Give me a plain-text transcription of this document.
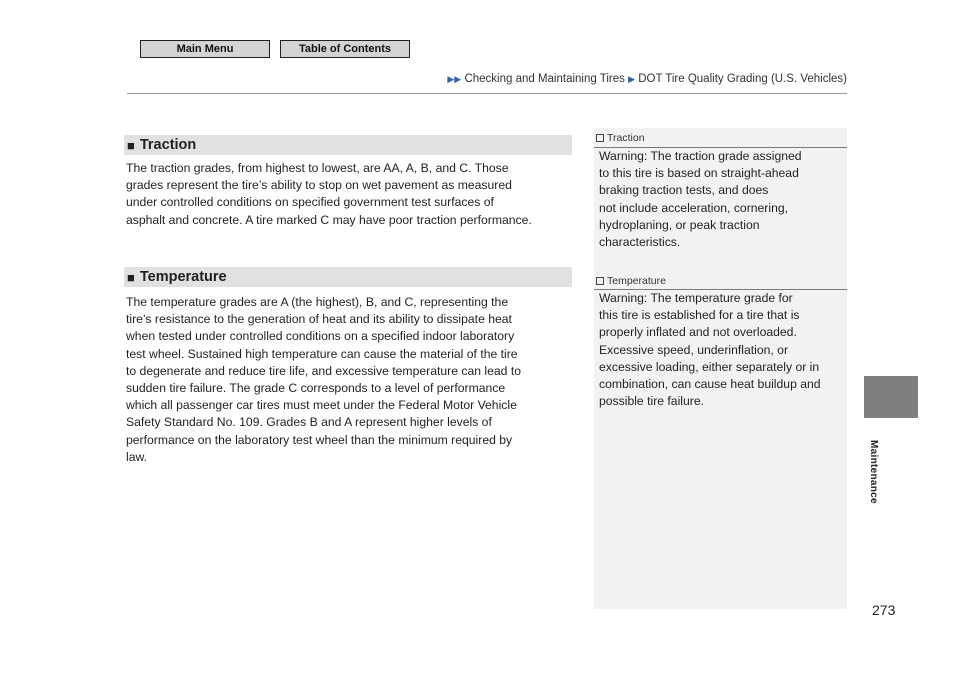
Main Menu	Table of Contents
▶▶ Checking and Maintaining Tires ▶ DOT Tire Quality Grading (U.S. Vehicles)
■ Traction
The traction grades, from highest to lowest, are AA, A, B, and C. Those
grades represent the tire’s ability to stop on wet pavement as measured
under controlled conditions on specified government test surfaces of
asphalt and concrete. A tire marked C may have poor traction performance.
■ Temperature
The temperature grades are A (the highest), B, and C, representing the
tire’s resistance to the generation of heat and its ability to dissipate heat
when tested under controlled conditions on a specified indoor laboratory
test wheel. Sustained high temperature can cause the material of the tire
to degenerate and reduce tire life, and excessive temperature can lead to
sudden tire failure. The grade C corresponds to a level of performance
which all passenger car tires must meet under the Federal Motor Vehicle
Safety Standard No. 109. Grades B and A represent higher levels of
performance on the laboratory test wheel than the minimum required by
law.
Traction
Warning: The traction grade assigned
to this tire is based on straight-ahead
braking traction tests, and does
not include acceleration, cornering,
hydroplaning, or peak traction
characteristics.
Temperature
Warning: The temperature grade for
this tire is established for a tire that is
properly inflated and not overloaded.
Excessive speed, underinflation, or
excessive loading, either separately or in
combination, can cause heat buildup and
possible tire failure.
Maintenance
273
